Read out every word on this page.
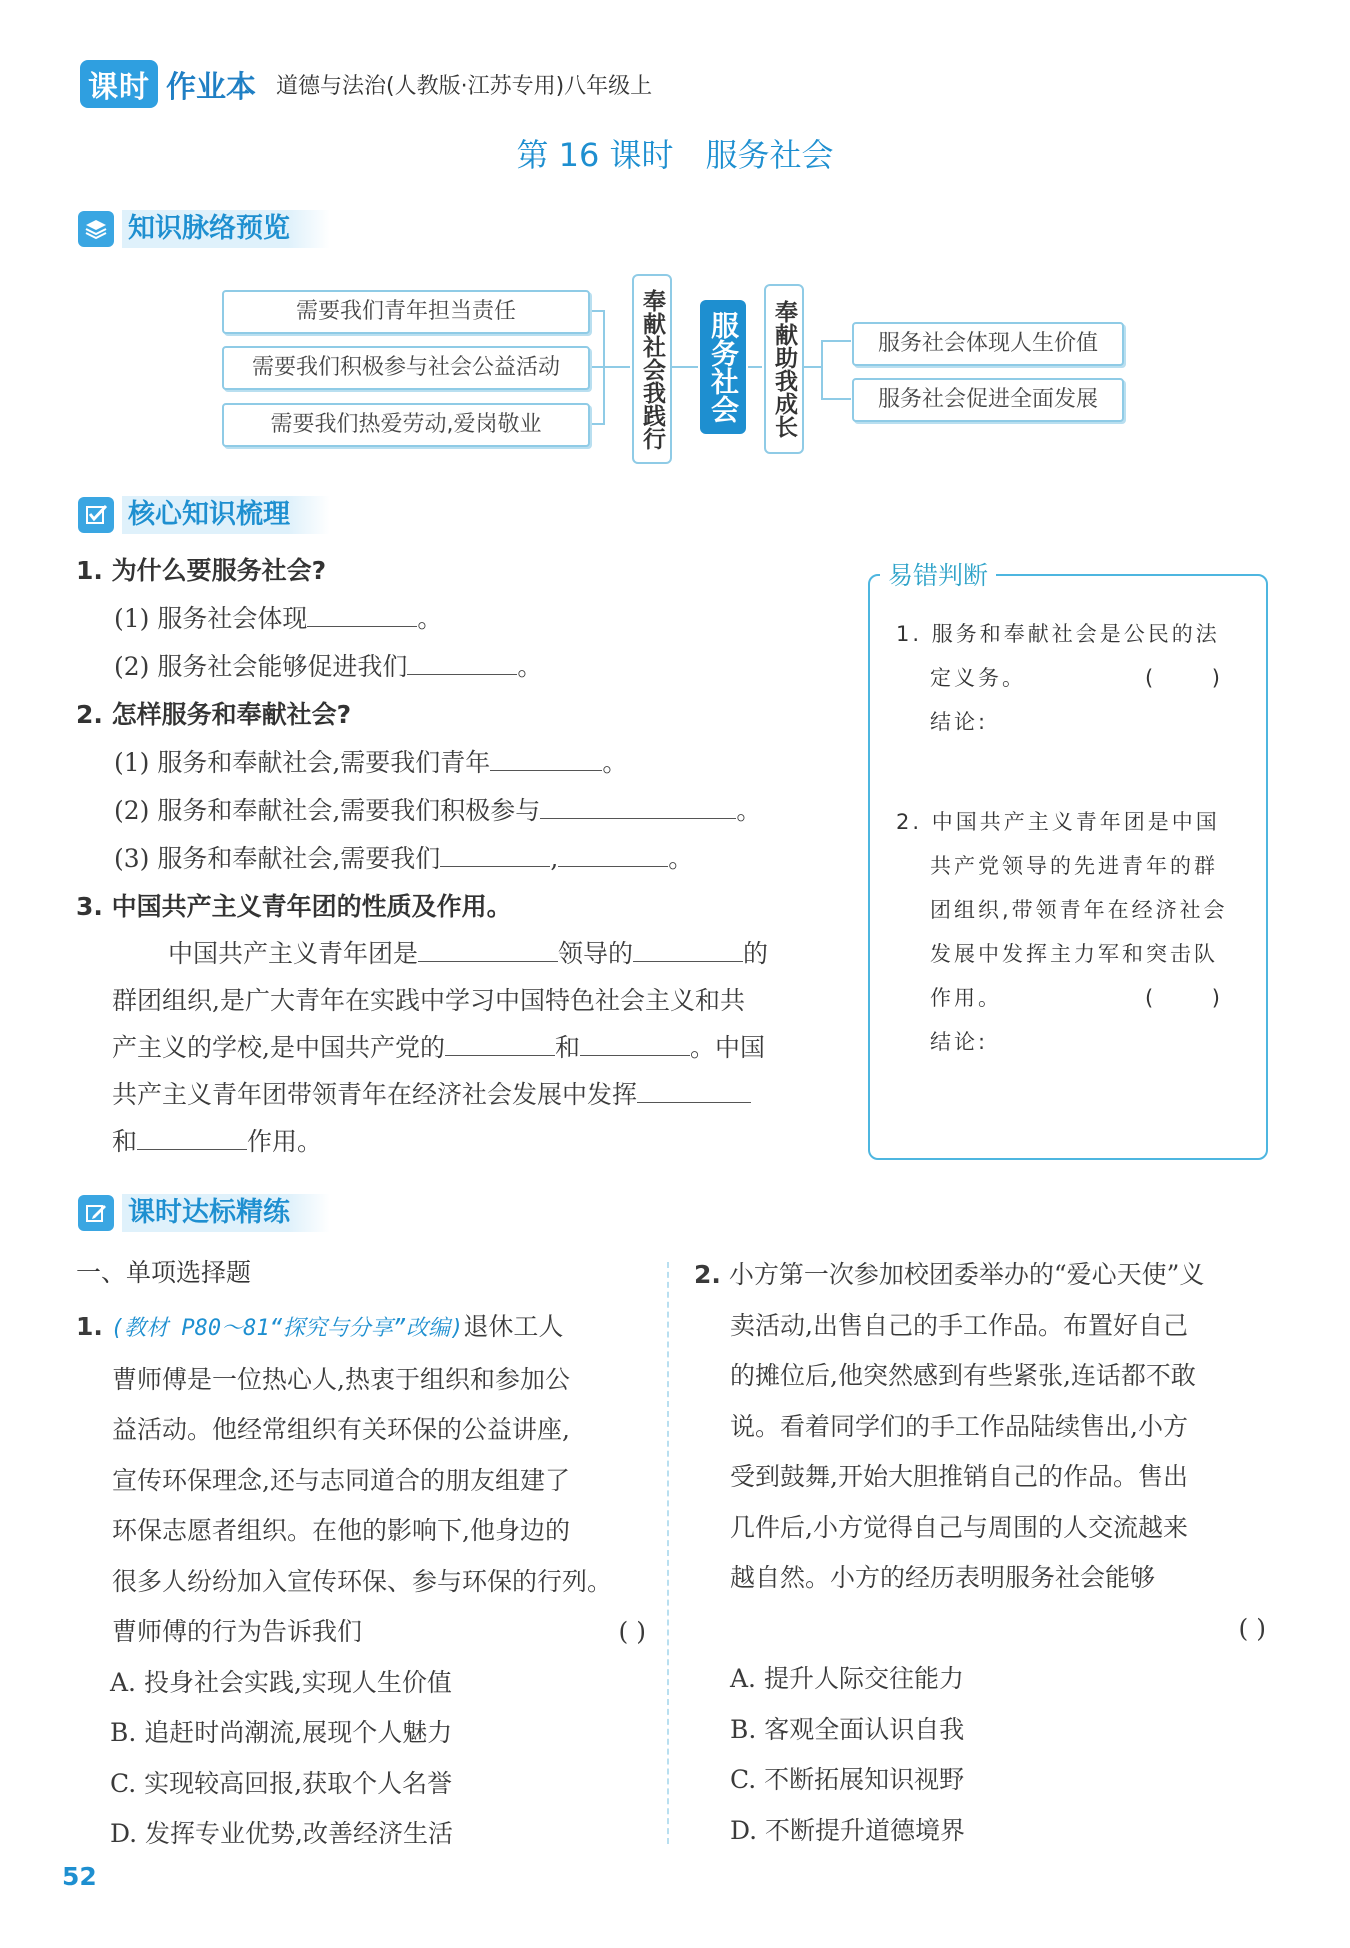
课时 作业本 道德与法治(人教版·江苏专用)八年级上
第 16 课时　服务社会
知识脉络预览
需要我们青年担当责任
需要我们积极参与社会公益活动
需要我们热爱劳动,爱岗敬业	奉献社会我践行 服务社会 奉献助我成长	服务社会体现人生价值
服务社会促进全面发展
核心知识梳理
1. 为什么要服务社会?
(1) 服务社会体现	。
(2) 服务社会能够促进我们	。
2. 怎样服务和奉献社会?
(1) 服务和奉献社会,需要我们青年	。
(2) 服务和奉献社会,需要我们积极参与	。
(3) 服务和奉献社会,需要我们	,	。
3. 中国共产主义青年团的性质及作用。
中国共产主义青年团是	领导的	的
群团组织,是广大青年在实践中学习中国特色社会主义和共
产主义的学校,是中国共产党的	和	。中国
共产主义青年团带领青年在经济社会发展中发挥
和	作用。
易错判断
1. 服务和奉献社会是公民的法
定义务。	( )
结论:
2. 中国共产主义青年团是中国
共产党领导的先进青年的群
团组织,带领青年在经济社会
发展中发挥主力军和突击队
作用。	( )
结论:
课时达标精练
一、单项选择题
1. (教材 P80～81“探究与分享”改编)退休工人
曹师傅是一位热心人,热衷于组织和参加公
益活动。他经常组织有关环保的公益讲座,
宣传环保理念,还与志同道合的朋友组建了
环保志愿者组织。在他的影响下,他身边的
很多人纷纷加入宣传环保、参与环保的行列。
曹师傅的行为告诉我们	( )
A. 投身社会实践,实现人生价值
B. 追赶时尚潮流,展现个人魅力
C. 实现较高回报,获取个人名誉
D. 发挥专业优势,改善经济生活
2. 小方第一次参加校团委举办的“爱心天使”义
卖活动,出售自己的手工作品。布置好自己
的摊位后,他突然感到有些紧张,连话都不敢
说。看着同学们的手工作品陆续售出,小方
受到鼓舞,开始大胆推销自己的作品。售出
几件后,小方觉得自己与周围的人交流越来
越自然。小方的经历表明服务社会能够
( )
A. 提升人际交往能力
B. 客观全面认识自我
C. 不断拓展知识视野
D. 不断提升道德境界
52
